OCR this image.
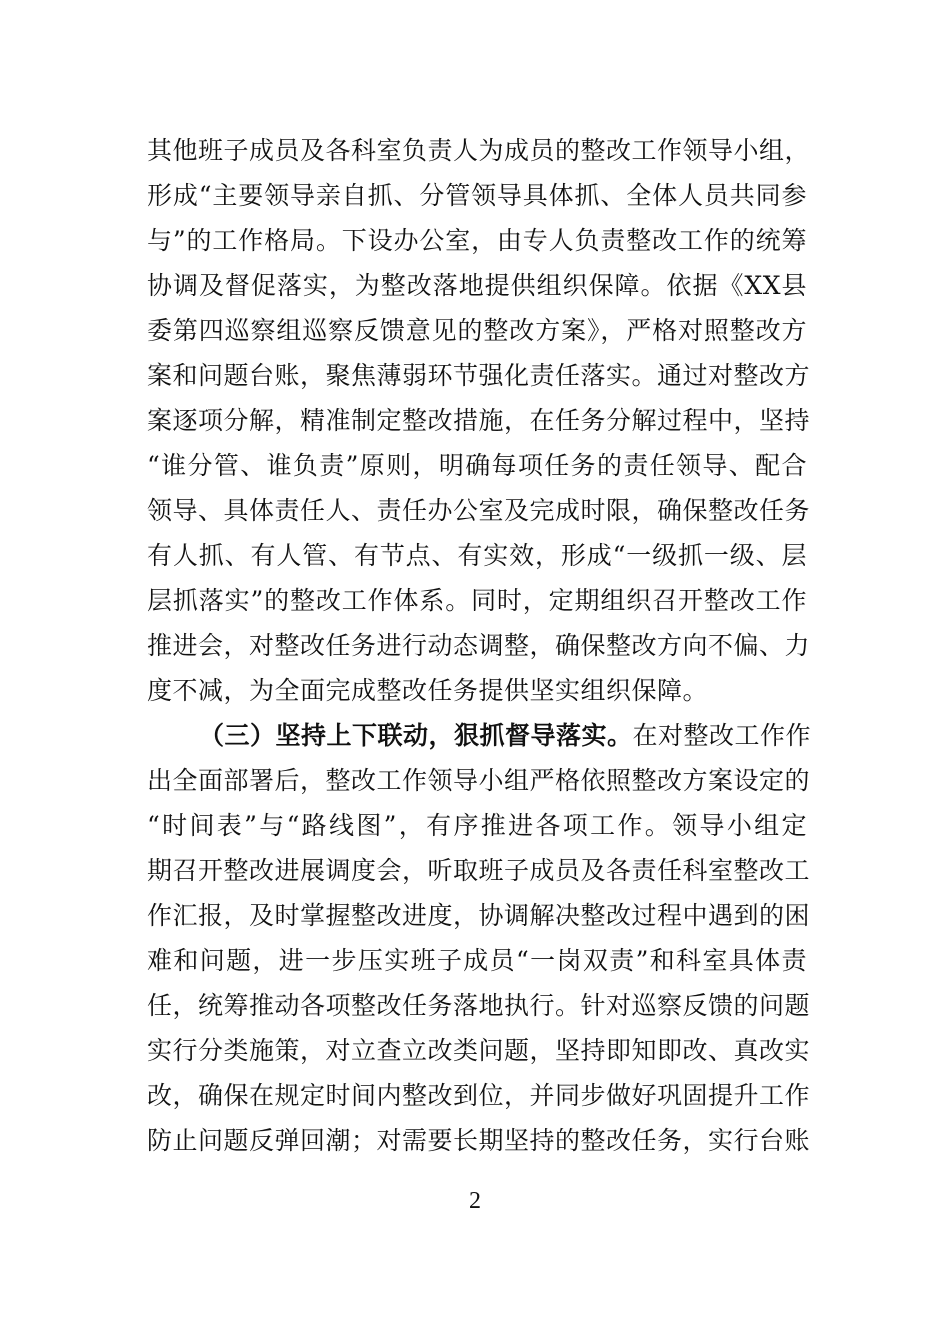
其他班子成员及各科室负责人为成员的整改工作领导小组，
形成“主要领导亲自抓、分管领导具体抓、全体人员共同参
与”的工作格局。下设办公室，由专人负责整改工作的统筹
协调及督促落实，为整改落地提供组织保障。依据《XX县
委第四巡察组巡察反馈意见的整改方案》，严格对照整改方
案和问题台账，聚焦薄弱环节强化责任落实。通过对整改方
案逐项分解，精准制定整改措施，在任务分解过程中，坚持
“谁分管、谁负责”原则，明确每项任务的责任领导、配合
领导、具体责任人、责任办公室及完成时限，确保整改任务
有人抓、有人管、有节点、有实效，形成“一级抓一级、层
层抓落实”的整改工作体系。同时，定期组织召开整改工作
推进会，对整改任务进行动态调整，确保整改方向不偏、力
度不减，为全面完成整改任务提供坚实组织保障。
（三）坚持上下联动，狠抓督导落实。在对整改工作作
出全面部署后，整改工作领导小组严格依照整改方案设定的
“时间表”与“路线图”，有序推进各项工作。领导小组定
期召开整改进展调度会，听取班子成员及各责任科室整改工
作汇报，及时掌握整改进度，协调解决整改过程中遇到的困
难和问题，进一步压实班子成员“一岗双责”和科室具体责
任，统筹推动各项整改任务落地执行。针对巡察反馈的问题
实行分类施策，对立查立改类问题，坚持即知即改、真改实
改，确保在规定时间内整改到位，并同步做好巩固提升工作
防止问题反弹回潮；对需要长期坚持的整改任务，实行台账
2
